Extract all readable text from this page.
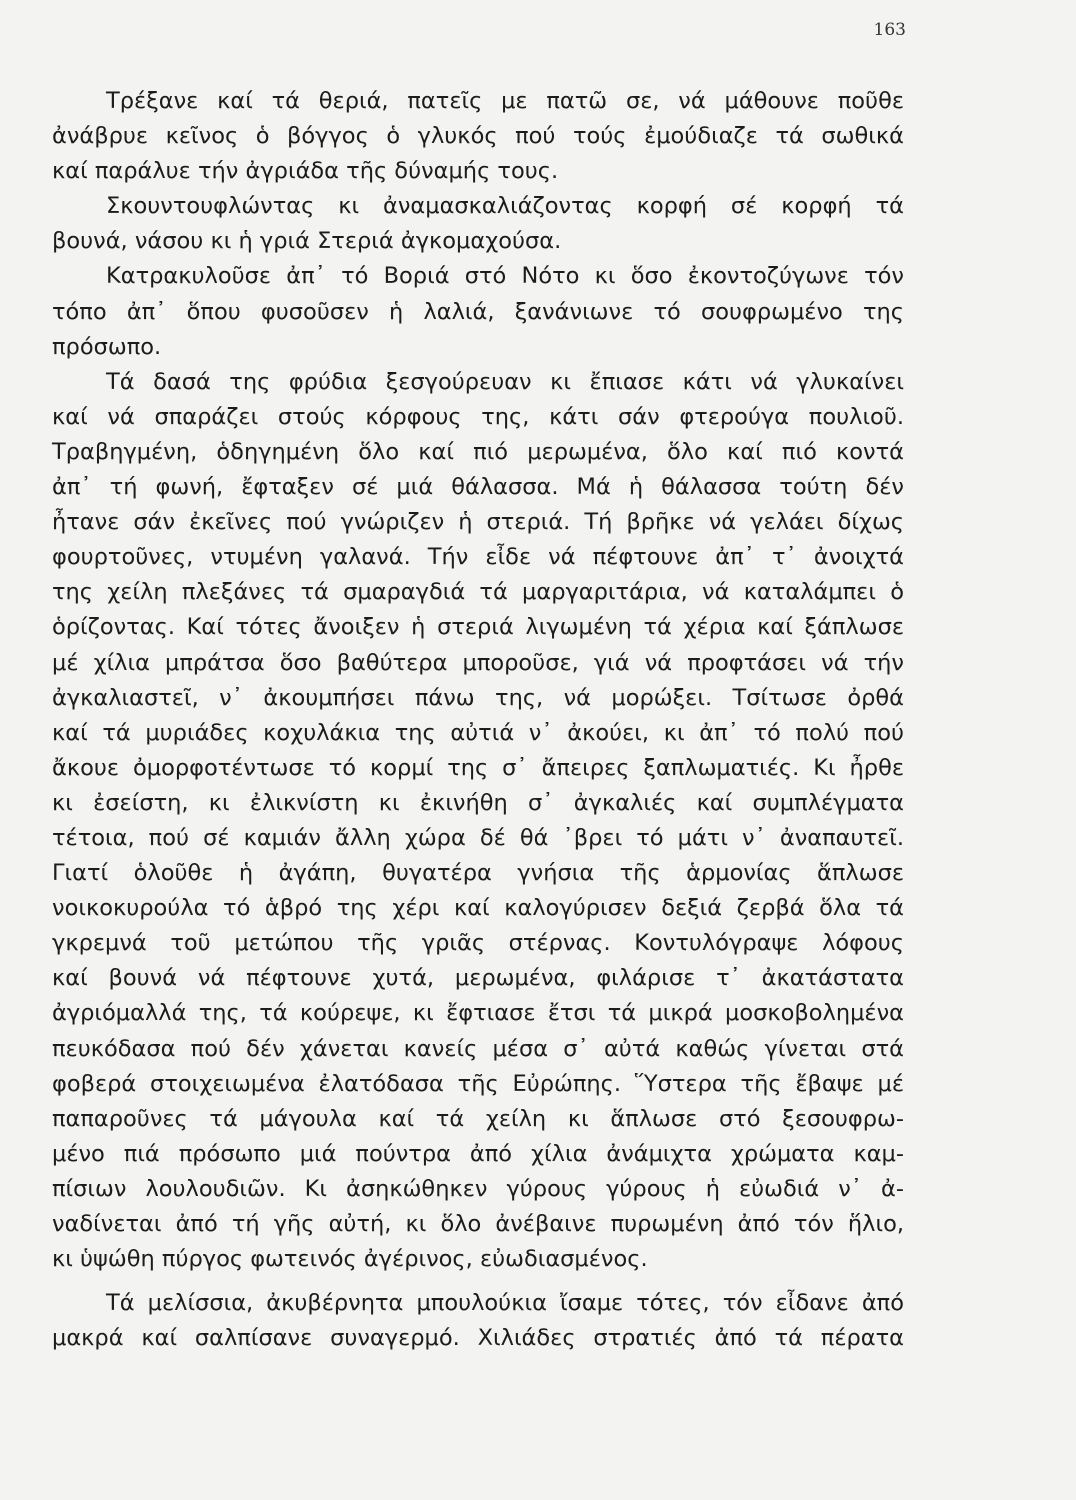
163

Τρέξανε καί τά θεριά, πατεῖς με πατῶ σε, νά μάθουνε ποῦθε
ἀνάβρυε κεῖνος ὁ βόγγος ὁ γλυκός πού τούς ἐμούδιαζε τά σωθικά
καί παράλυε τήν ἀγριάδα τῆς δύναμής τους.

Σκουντουφλώντας κι ἀναμασκαλιάζοντας κορφή σέ κορφή τά
βουνά, νάσου κι ἡ γριά Στεριά ἀγκομαχούσα.

Κατρακυλοῦσε ἀπ᾽ τό Βοριά στό Νότο κι ὅσο ἐκοντοζύγωνε τόν
τόπο ἀπ᾽ ὅπου φυσοῦσεν ἡ λαλιά, ξανάνιωνε τό σουφρωμένο της
πρόσωπο.

Τά δασά της φρύδια ξεσγούρευαν κι ἔπιασε κάτι νά γλυκαίνει
καί νά σπαράζει στούς κόρφους της, κάτι σάν φτερούγα πουλιοῦ.
Τραβηγμένη, ὁδηγημένη ὅλο καί πιό μερωμένα, ὅλο καί πιό κοντά
ἀπ᾽ τή φωνή, ἔφταξεν σέ μιά θάλασσα. Μά ἡ θάλασσα τούτη δέν
ἦτανε σάν ἐκεῖνες πού γνώριζεν ἡ στεριά. Τή βρῆκε νά γελάει δίχως
φουρτοῦνες, ντυμένη γαλανά. Τήν εἶδε νά πέφτουνε ἀπ᾽ τ᾽ ἀνοιχτά
της χείλη πλεξάνες τά σμαραγδιά τά μαργαριτάρια, νά καταλάμπει ὁ
ὁρίζοντας. Καί τότες ἄνοιξεν ἡ στεριά λιγωμένη τά χέρια καί ξάπλωσε
μέ χίλια μπράτσα ὅσο βαθύτερα μποροῦσε, γιά νά προφτάσει νά τήν
ἀγκαλιαστεῖ, ν᾽ ἀκουμπήσει πάνω της, νά μορώξει. Τσίτωσε ὀρθά
καί τά μυριάδες κοχυλάκια της αὐτιά ν᾽ ἀκούει, κι ἀπ᾽ τό πολύ πού
ἄκουε ὀμορφοτέντωσε τό κορμί της σ᾽ ἄπειρες ξαπλωματιές. Κι ἦρθε
κι ἐσείστη, κι ἐλικνίστη κι ἐκινήθη σ᾽ ἀγκαλιές καί συμπλέγματα
τέτοια, πού σέ καμιάν ἄλλη χώρα δέ θά ᾽βρει τό μάτι ν᾽ ἀναπαυτεῖ.
Γιατί ὁλοῦθε ἡ ἀγάπη, θυγατέρα γνήσια τῆς ἁρμονίας ἅπλωσε
νοικοκυρούλα τό ἁβρό της χέρι καί καλογύρισεν δεξιά ζερβά ὅλα τά
γκρεμνά τοῦ μετώπου τῆς γριᾶς στέρνας. Κοντυλόγραψε λόφους
καί βουνά νά πέφτουνε χυτά, μερωμένα, φιλάρισε τ᾽ ἀκατάστατα
ἀγριόμαλλά της, τά κούρεψε, κι ἔφτιασε ἔτσι τά μικρά μοσκοβολημένα
πευκόδασα πού δέν χάνεται κανείς μέσα σ᾽ αὐτά καθώς γίνεται στά
φοβερά στοιχειωμένα ἐλατόδασα τῆς Εὐρώπης. Ὕστερα τῆς ἔβαψε μέ
παπαροῦνες τά μάγουλα καί τά χείλη κι ἅπλωσε στό ξεσουφρω-
μένο πιά πρόσωπο μιά πούντρα ἀπό χίλια ἀνάμιχτα χρώματα καμ-
πίσιων λουλουδιῶν. Κι ἀσηκώθηκεν γύρους γύρους ἡ εὐωδιά ν᾽ ἀ-
ναδίνεται ἀπό τή γῆς αὐτή, κι ὅλο ἀνέβαινε πυρωμένη ἀπό τόν ἥλιο,
κι ὑψώθη πύργος φωτεινός ἀγέρινος, εὐωδιασμένος.

Τά μελίσσια, ἀκυβέρνητα μπουλούκια ἴσαμε τότες, τόν εἶδανε ἀπό
μακρά καί σαλπίσανε συναγερμό. Χιλιάδες στρατιές ἀπό τά πέρατα
